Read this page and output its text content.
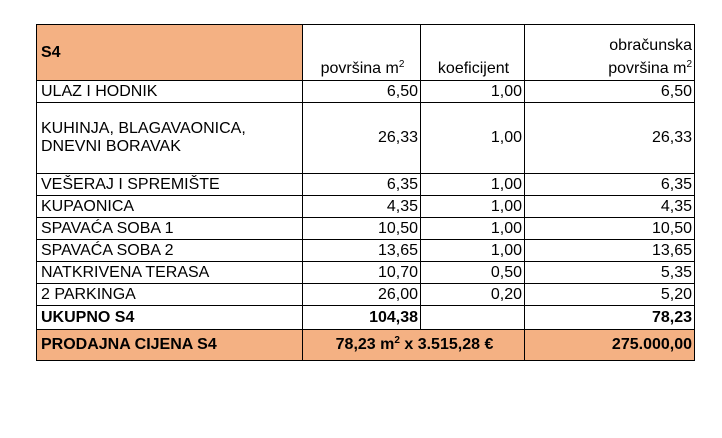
S4	površina $m^2$	koeficijent	obračunska
površina $m^2$
ULAZ I HODNIK	6,50	1,00	6,50
KUHINJA, BLAGAVAONICA,
DNEVNI BORAVAK	26,33	1,00	26,33
VEŠERAJ I SPREMIŠTE	6,35	1,00	6,35
KUPAONICA	4,35	1,00	4,35
SPAVAĆA SOBA 1	10,50	1,00	10,50
SPAVAĆA SOBA 2	13,65	1,00	13,65
NATKRIVENA TERASA	10,70	0,50	5,35
2 PARKINGA	26,00	0,20	5,20
UKUPNO S4	104,38		78,23
PRODAJNA CIJENA S4	78,23 $m^2$ x 3.515,28 €		275.000,00
